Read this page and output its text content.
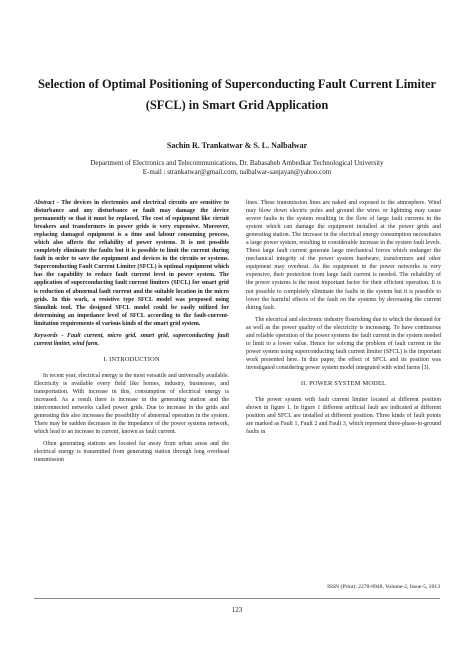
Selection of Optimal Positioning of Superconducting Fault Current Limiter (SFCL) in Smart Grid Application
Sachin R. Trankatwar & S. L. Nalbalwar
Department of Electronics and Telecommunications, Dr. Babasaheb Ambedkar Technological University
E-mail : strankatwar@gmail.com, nalbalwar-sanjayan@yahoo.com

Abstract - The devices in electronics and electrical circuits are sensitive to disturbance and any disturbance or fault may damage the device permanently so that it must be replaced. The cost of equipment like circuit breakers and transformers in power grids is very expensive. Moreover, replacing damaged equipment is a time and labour consuming process, which also affects the reliability of power systems. It is not possible completely eliminate the faults but it is possible to limit the current during fault in order to save the equipment and devices in the circuits or systems. Superconducting Fault Current Limiter (SFCL) is optimal equipment which has the capability to reduce fault current level in power system. The application of superconducting fault current limiters (SFCL) for smart grid is reduction of abnormal fault current and the suitable location in the micro grids. In this work, a resistive type SFCL model was proposed using Simulink tool. The designed SFCL model could be easily utilized for determining an impedance level of SFCL according to the fault-current-limitation requirements of various kinds of the smart grid system.

Keywords - Fault current, micro grid, smart grid, superconducting fault current limiter, wind farm.

I. INTRODUCTION

In recent year, electrical energy is the most versatile and universally available. Electricity is available every field like homes, industry, businesses, and transportation. With increase in this, consumption of electrical energy is increased. As a result there is increase in the generating station and the interconnected networks called power grids. Due to increase in the grids and generating this also increases the possibility of abnormal operation in the system. There may be sudden decreases in the impedance of the power systems network, which lead to an increase in current, known as fault current.

Often generating stations are located far away from urban areas and the electrical energy is transmitted from generating station through long overhead transmission

lines. These transmission lines are naked and exposed to the atmosphere. Wind may blow down electric poles and ground the wires or lightning may cause severe faults in the system resulting in the flow of large fault currents in the system which can damage the equipment installed at the power grids and generating station. The increase in the electrical energy consumption necessitates a large power system, resulting in considerable increase in the system fault levels. These large fault current generate large mechanical forces which endanger the mechanical integrity of the power system hardware, transformers and other equipment may overheat. As the equipment in the power networks is very expensive, their protection from large fault current is needed. The reliability of the power systems is the most important factor for their efficient operation. It is not possible to completely eliminate the faults in the system but it is possible to lower the harmful effects of the fault on the systems by decreasing the current during fault.

The electrical and electronic industry flourishing due to which the demand for as well as the power quality of the electricity is increasing. To have continuous and reliable operation of the power systems the fault current in the system needed to limit to a lower value. Hence for solving the problem of fault current in the power system using superconducting fault current limiter (SFCL) is the important work presented here. In this paper, the effect of SFCL and its position was investigated considering power system model integrated with wind farms [3].

II. POWER SYSTEM MODEL

The power system with fault current limiter located at different position shown in figure 1. In figure 1 different artificial fault are indicated at different position and SFCL are installed at different position. Three kinds of fault points are marked as Fault 1, Fault 2 and Fault 3, which represent three-phase-to-ground faults in

ISSN (Print): 2278-8948, Volume-2, Issue-5, 2013
123
